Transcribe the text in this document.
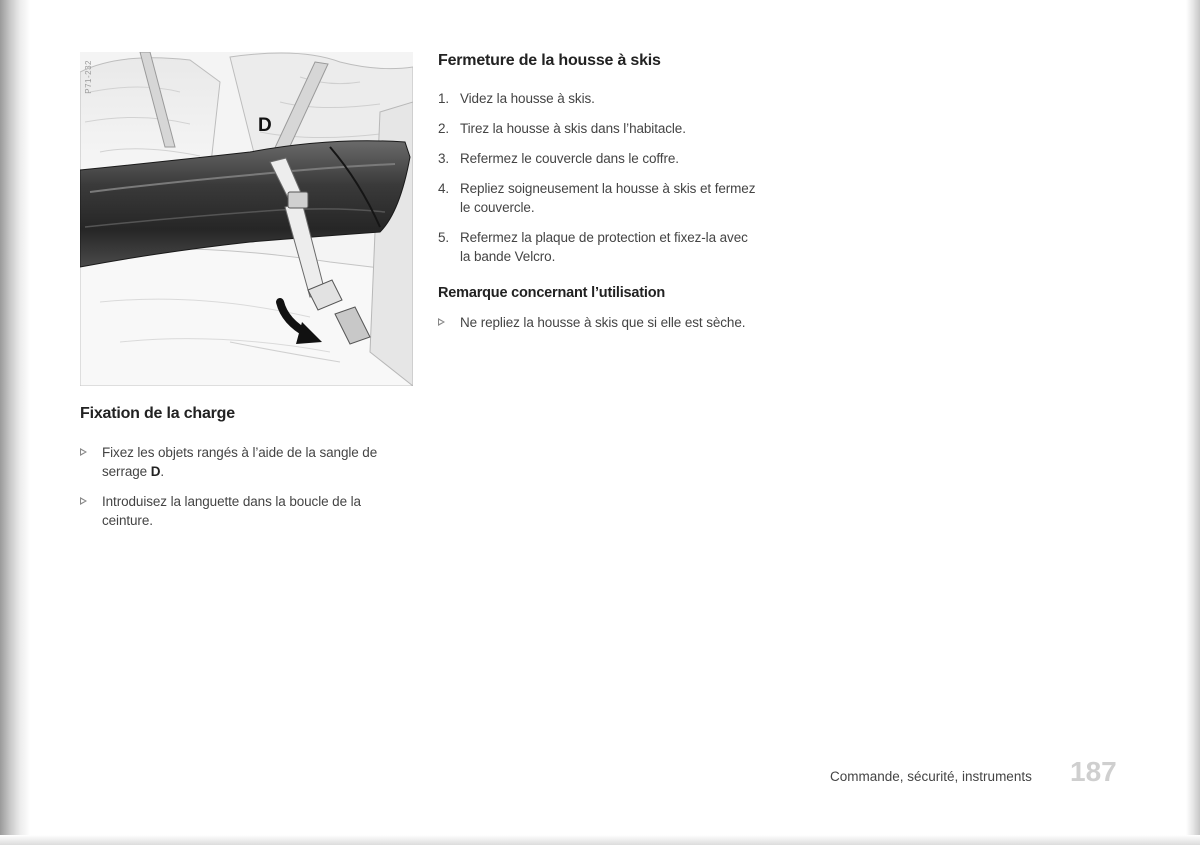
P71-232
D
Fixation de la charge
Fixez les objets rangés à l’aide de la sangle de serrage D.
Introduisez la languette dans la boucle de la ceinture.
Fermeture de la housse à skis
1. Videz la housse à skis.
2. Tirez la housse à skis dans l’habitacle.
3. Refermez le couvercle dans le coffre.
4. Repliez soigneusement la housse à skis et fermez le couvercle.
5. Refermez la plaque de protection et fixez-la avec la bande Velcro.
Remarque concernant l’utilisation
Ne repliez la housse à skis que si elle est sèche.
Commande, sécurité, instruments 187
